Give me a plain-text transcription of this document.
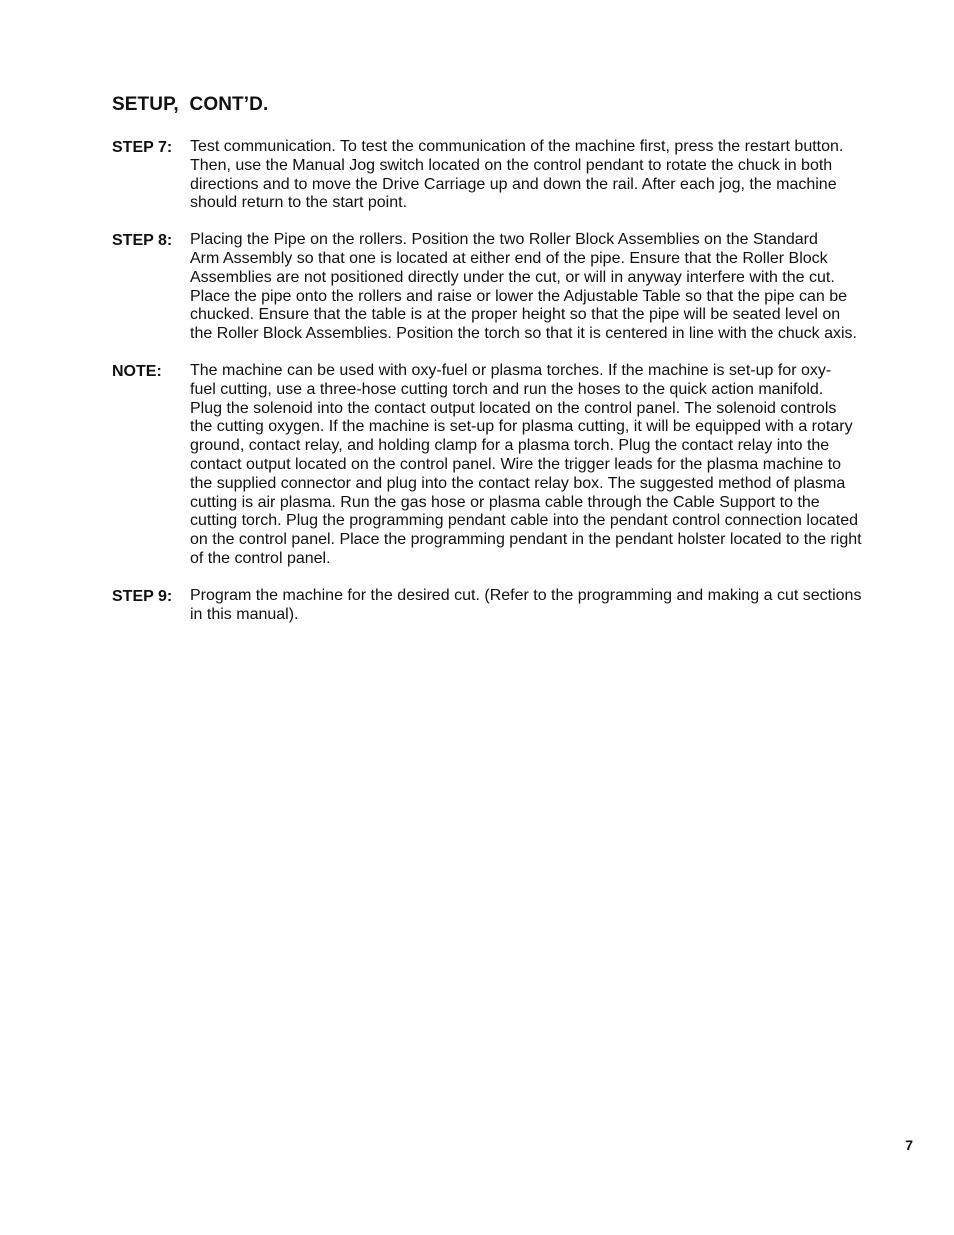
SETUP,  CONT’D.
STEP 7:	Test communication. To test the communication of the machine first, press the restart button.
Then, use the Manual Jog switch located on the control pendant to rotate the chuck in both
directions and to move the Drive Carriage up and down the rail. After each jog, the machine
should return to the start point.
STEP 8:	Placing the Pipe on the rollers. Position the two Roller Block Assemblies on the Standard
Arm Assembly so that one is located at either end of the pipe. Ensure that the Roller Block
Assemblies are not positioned directly under the cut, or will in anyway interfere with the cut.
Place the pipe onto the rollers and raise or lower the Adjustable Table so that the pipe can be
chucked. Ensure that the table is at the proper height so that the pipe will be seated level on
the Roller Block Assemblies. Position the torch so that it is centered in line with the chuck axis.
NOTE:	The machine can be used with oxy-fuel or plasma torches. If the machine is set-up for oxy-
fuel cutting, use a three-hose cutting torch and run the hoses to the quick action manifold.
Plug the solenoid into the contact output located on the control panel. The solenoid controls
the cutting oxygen. If the machine is set-up for plasma cutting, it will be equipped with a rotary
ground, contact relay, and holding clamp for a plasma torch. Plug the contact relay into the
contact output located on the control panel. Wire the trigger leads for the plasma machine to
the supplied connector and plug into the contact relay box. The suggested method of plasma
cutting is air plasma. Run the gas hose or plasma cable through the Cable Support to the
cutting torch. Plug the programming pendant cable into the pendant control connection located
on the control panel. Place the programming pendant in the pendant holster located to the right
of the control panel.
STEP 9:	Program the machine for the desired cut. (Refer to the programming and making a cut sections
in this manual).
7
